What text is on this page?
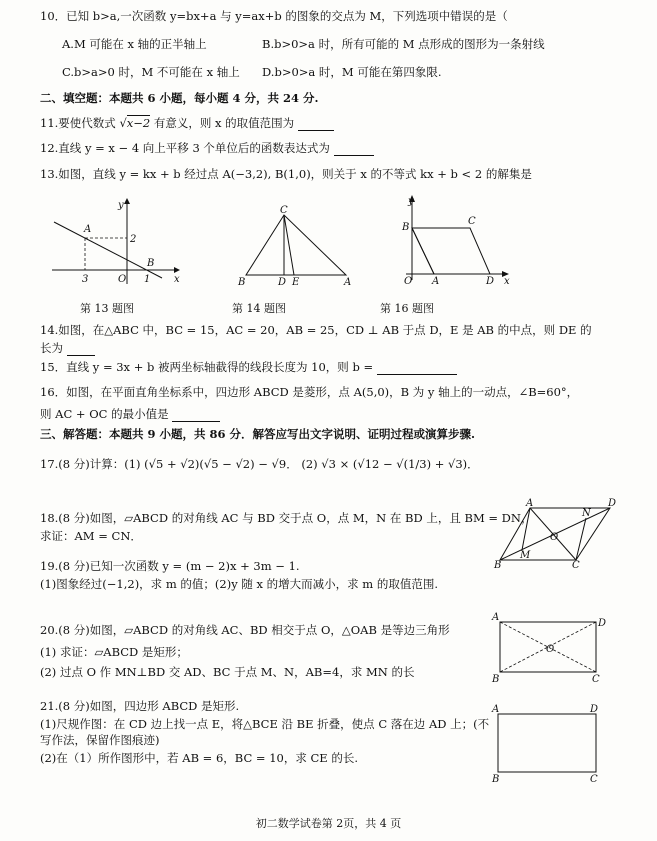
10．已知 b>a,一次函数 y=bx+a 与 y=ax+b 的图象的交点为 M，下列选项中错误的是（
A.M 可能在 x 轴的正半轴上	B.b>0>a 时，所有可能的 M 点形成的图形为一条射线
C.b>a>0 时，M 不可能在 x 轴上 D.b>0>a 时，M 可能在第四象限.
二、填空题：本题共 6 小题，每小题 4 分，共 24 分.
11.要使代数式 √x−2 有意义，则 x 的取值范围为
12.直线 y = x − 4 向上平移 3 个单位后的函数表达式为
13.如图，直线 y = kx + b 经过点 A(−3,2), B(1,0)，则关于 x 的不等式 kx + b < 2 的解集是
y
x
A
B
O
3	1
2
第 13 题图
C
B	D E	A
第 14 题图
y
x
B
C
O A	D
第 16 题图
14.如图，在△ABC 中，BC = 15，AC = 20，AB = 25，CD ⊥ AB 于点 D，E 是 AB 的中点，则 DE 的
长为
15．直线 y = 3x + b 被两坐标轴截得的线段长度为 10，则 b =
16．如图，在平面直角坐标系中，四边形 ABCD 是菱形，点 A(5,0)，B 为 y 轴上的一动点，∠B=60°，
则 AC + OC 的最小值是
三、解答题：本题共 9 小题，共 86 分．解答应写出文字说明、证明过程或演算步骤.
17.(8 分)计算：(1) (√5 + √2)(√5 − √2) − √9． (2) √3 × (√12 − √(1/3) + √3)．
18.(8 分)如图，▱ABCD 的对角线 AC 与 BD 交于点 O，点 M，N 在 BD 上，且 BM = DN，
求证：AM = CN．
A	D
N
O
M
B	C
19.(8 分)已知一次函数 y = (m − 2)x + 3m − 1.
(1)图象经过(−1,2)，求 m 的值；(2)y 随 x 的增大而减小，求 m 的取值范围.
20.(8 分)如图，▱ABCD 的对角线 AC、BD 相交于点 O，△OAB 是等边三角形
(1) 求证：▱ABCD 是矩形；
(2) 过点 O 作 MN⊥BD 交 AD、BC 于点 M、N，AB=4，求 MN 的长
A
D
O
B	C
21.(8 分)如图，四边形 ABCD 是矩形.
(1)尺规作图：在 CD 边上找一点 E，将△BCE 沿 BE 折叠，使点 C 落在边 AD 上；(不
写作法，保留作图痕迹)
(2)在（1）所作图形中，若 AB = 6，BC = 10，求 CE 的长.
A	D
B	C
初二数学试卷第 2页，共 4 页
